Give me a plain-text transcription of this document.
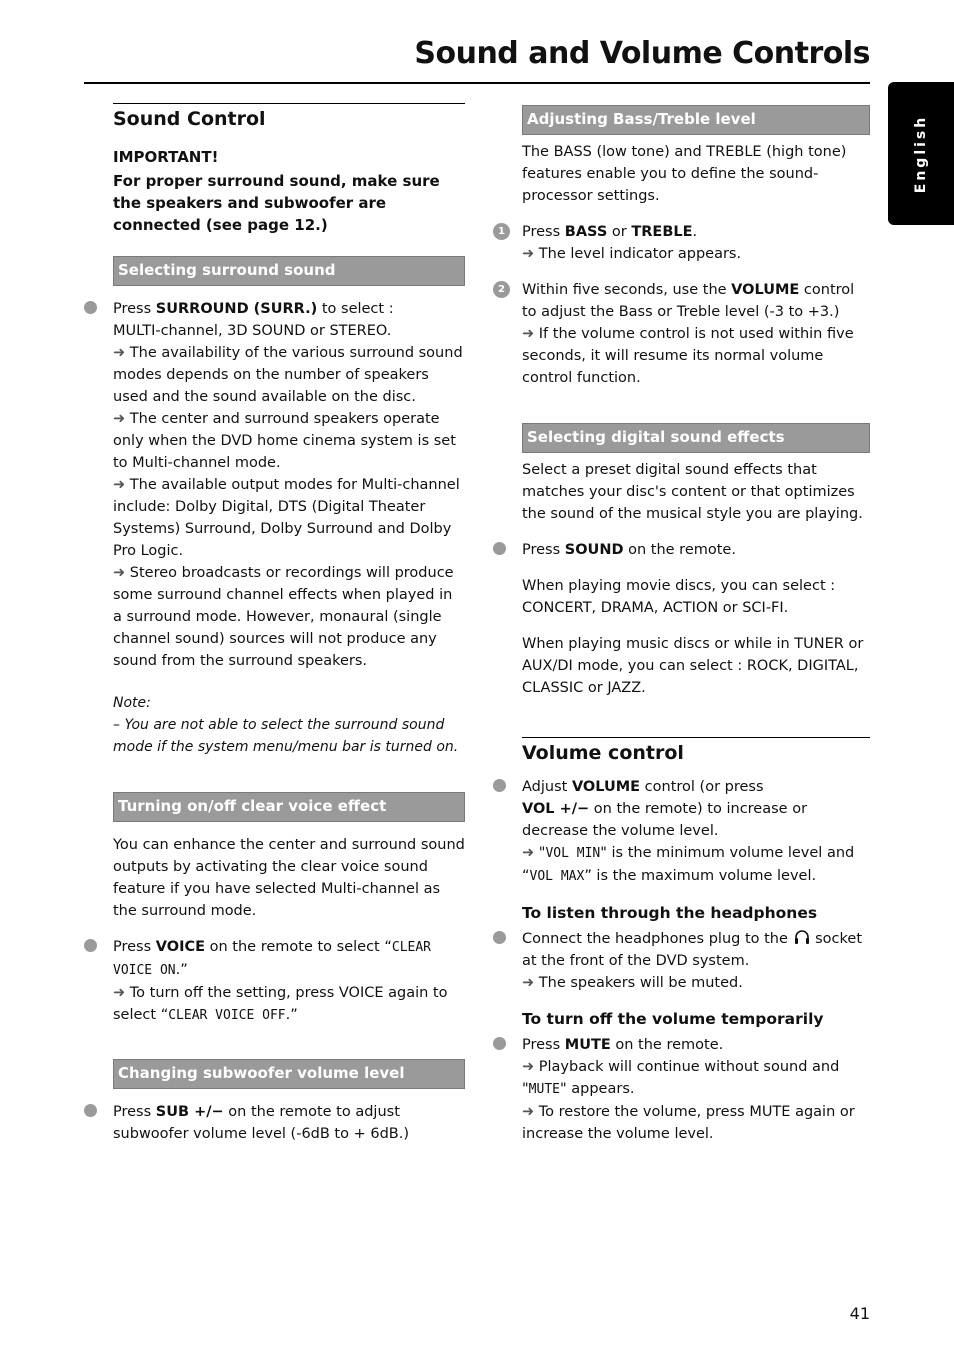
Sound and Volume Controls
English
Sound Control
IMPORTANT!
For proper surround sound, make sure the speakers and subwoofer are connected (see page 12.)
Selecting surround sound
Press SURROUND (SURR.) to select :
MULTI-channel, 3D SOUND or STEREO.
➜ The availability of the various surround sound modes depends on the number of speakers used and the sound available on the disc.
➜ The center and surround speakers operate only when the DVD home cinema system is set to Multi-channel mode.
➜ The available output modes for Multi-channel include: Dolby Digital, DTS (Digital Theater Systems) Surround, Dolby Surround and Dolby Pro Logic.
➜ Stereo broadcasts or recordings will produce some surround channel effects when played in a surround mode. However, monaural (single channel sound) sources will not produce any sound from the surround speakers.
Note:
– You are not able to select the surround sound mode if the system menu/menu bar is turned on.
Turning on/off clear voice effect
You can enhance the center and surround sound outputs by activating the clear voice sound feature if you have selected Multi-channel as the surround mode.
Press VOICE on the remote to select “CLEAR VOICE ON.”
➜ To turn off the setting, press VOICE again to select “CLEAR VOICE OFF.”
Changing subwoofer volume level
Press SUB +/− on the remote to adjust subwoofer volume level (-6dB to + 6dB.)
Adjusting Bass/Treble level
The BASS (low tone) and TREBLE (high tone) features enable you to define the sound-processor settings.
1	Press BASS or TREBLE.
➜ The level indicator appears.
2	Within five seconds, use the VOLUME control to adjust the Bass or Treble level (-3 to +3.)
➜ If the volume control is not used within five seconds, it will resume its normal volume control function.
Selecting digital sound effects
Select a preset digital sound effects that matches your disc's content or that optimizes the sound of the musical style you are playing.
Press SOUND on the remote.
When playing movie discs, you can select :
CONCERT, DRAMA, ACTION or SCI-FI.
When playing music discs or while in TUNER or AUX/DI mode, you can select : ROCK, DIGITAL, CLASSIC or JAZZ.
Volume control
Adjust VOLUME control (or press
VOL +/− on the remote) to increase or decrease the volume level.
➜ "VOL MIN" is the minimum volume level and “VOL MAX” is the maximum volume level.
To listen through the headphones
Connect the headphones plug to the  socket at the front of the DVD system.
➜ The speakers will be muted.
To turn off the volume temporarily
Press MUTE on the remote.
➜ Playback will continue without sound and "MUTE" appears.
➜ To restore the volume, press MUTE again or increase the volume level.
41
